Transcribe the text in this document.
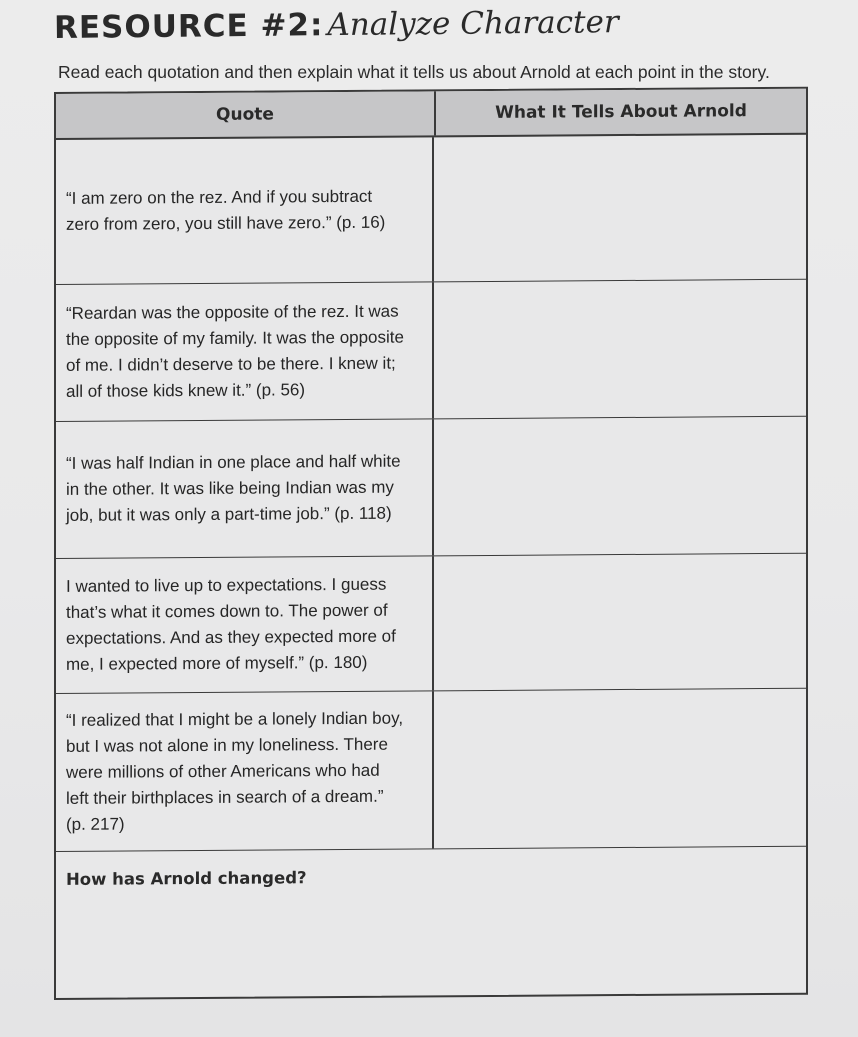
RESOURCE #2: Analyze Character

Read each quotation and then explain what it tells us about Arnold at each point in the story.

Quote	What It Tells About Arnold

“I am zero on the rez. And if you subtract
zero from zero, you still have zero.” (p. 16)

“Reardan was the opposite of the rez. It was
the opposite of my family. It was the opposite
of me. I didn’t deserve to be there. I knew it;
all of those kids knew it.” (p. 56)

“I was half Indian in one place and half white
in the other. It was like being Indian was my
job, but it was only a part-time job.” (p. 118)

I wanted to live up to expectations. I guess
that’s what it comes down to. The power of
expectations. And as they expected more of
me, I expected more of myself.” (p. 180)

“I realized that I might be a lonely Indian boy,
but I was not alone in my loneliness. There
were millions of other Americans who had
left their birthplaces in search of a dream.”
(p. 217)

How has Arnold changed?
